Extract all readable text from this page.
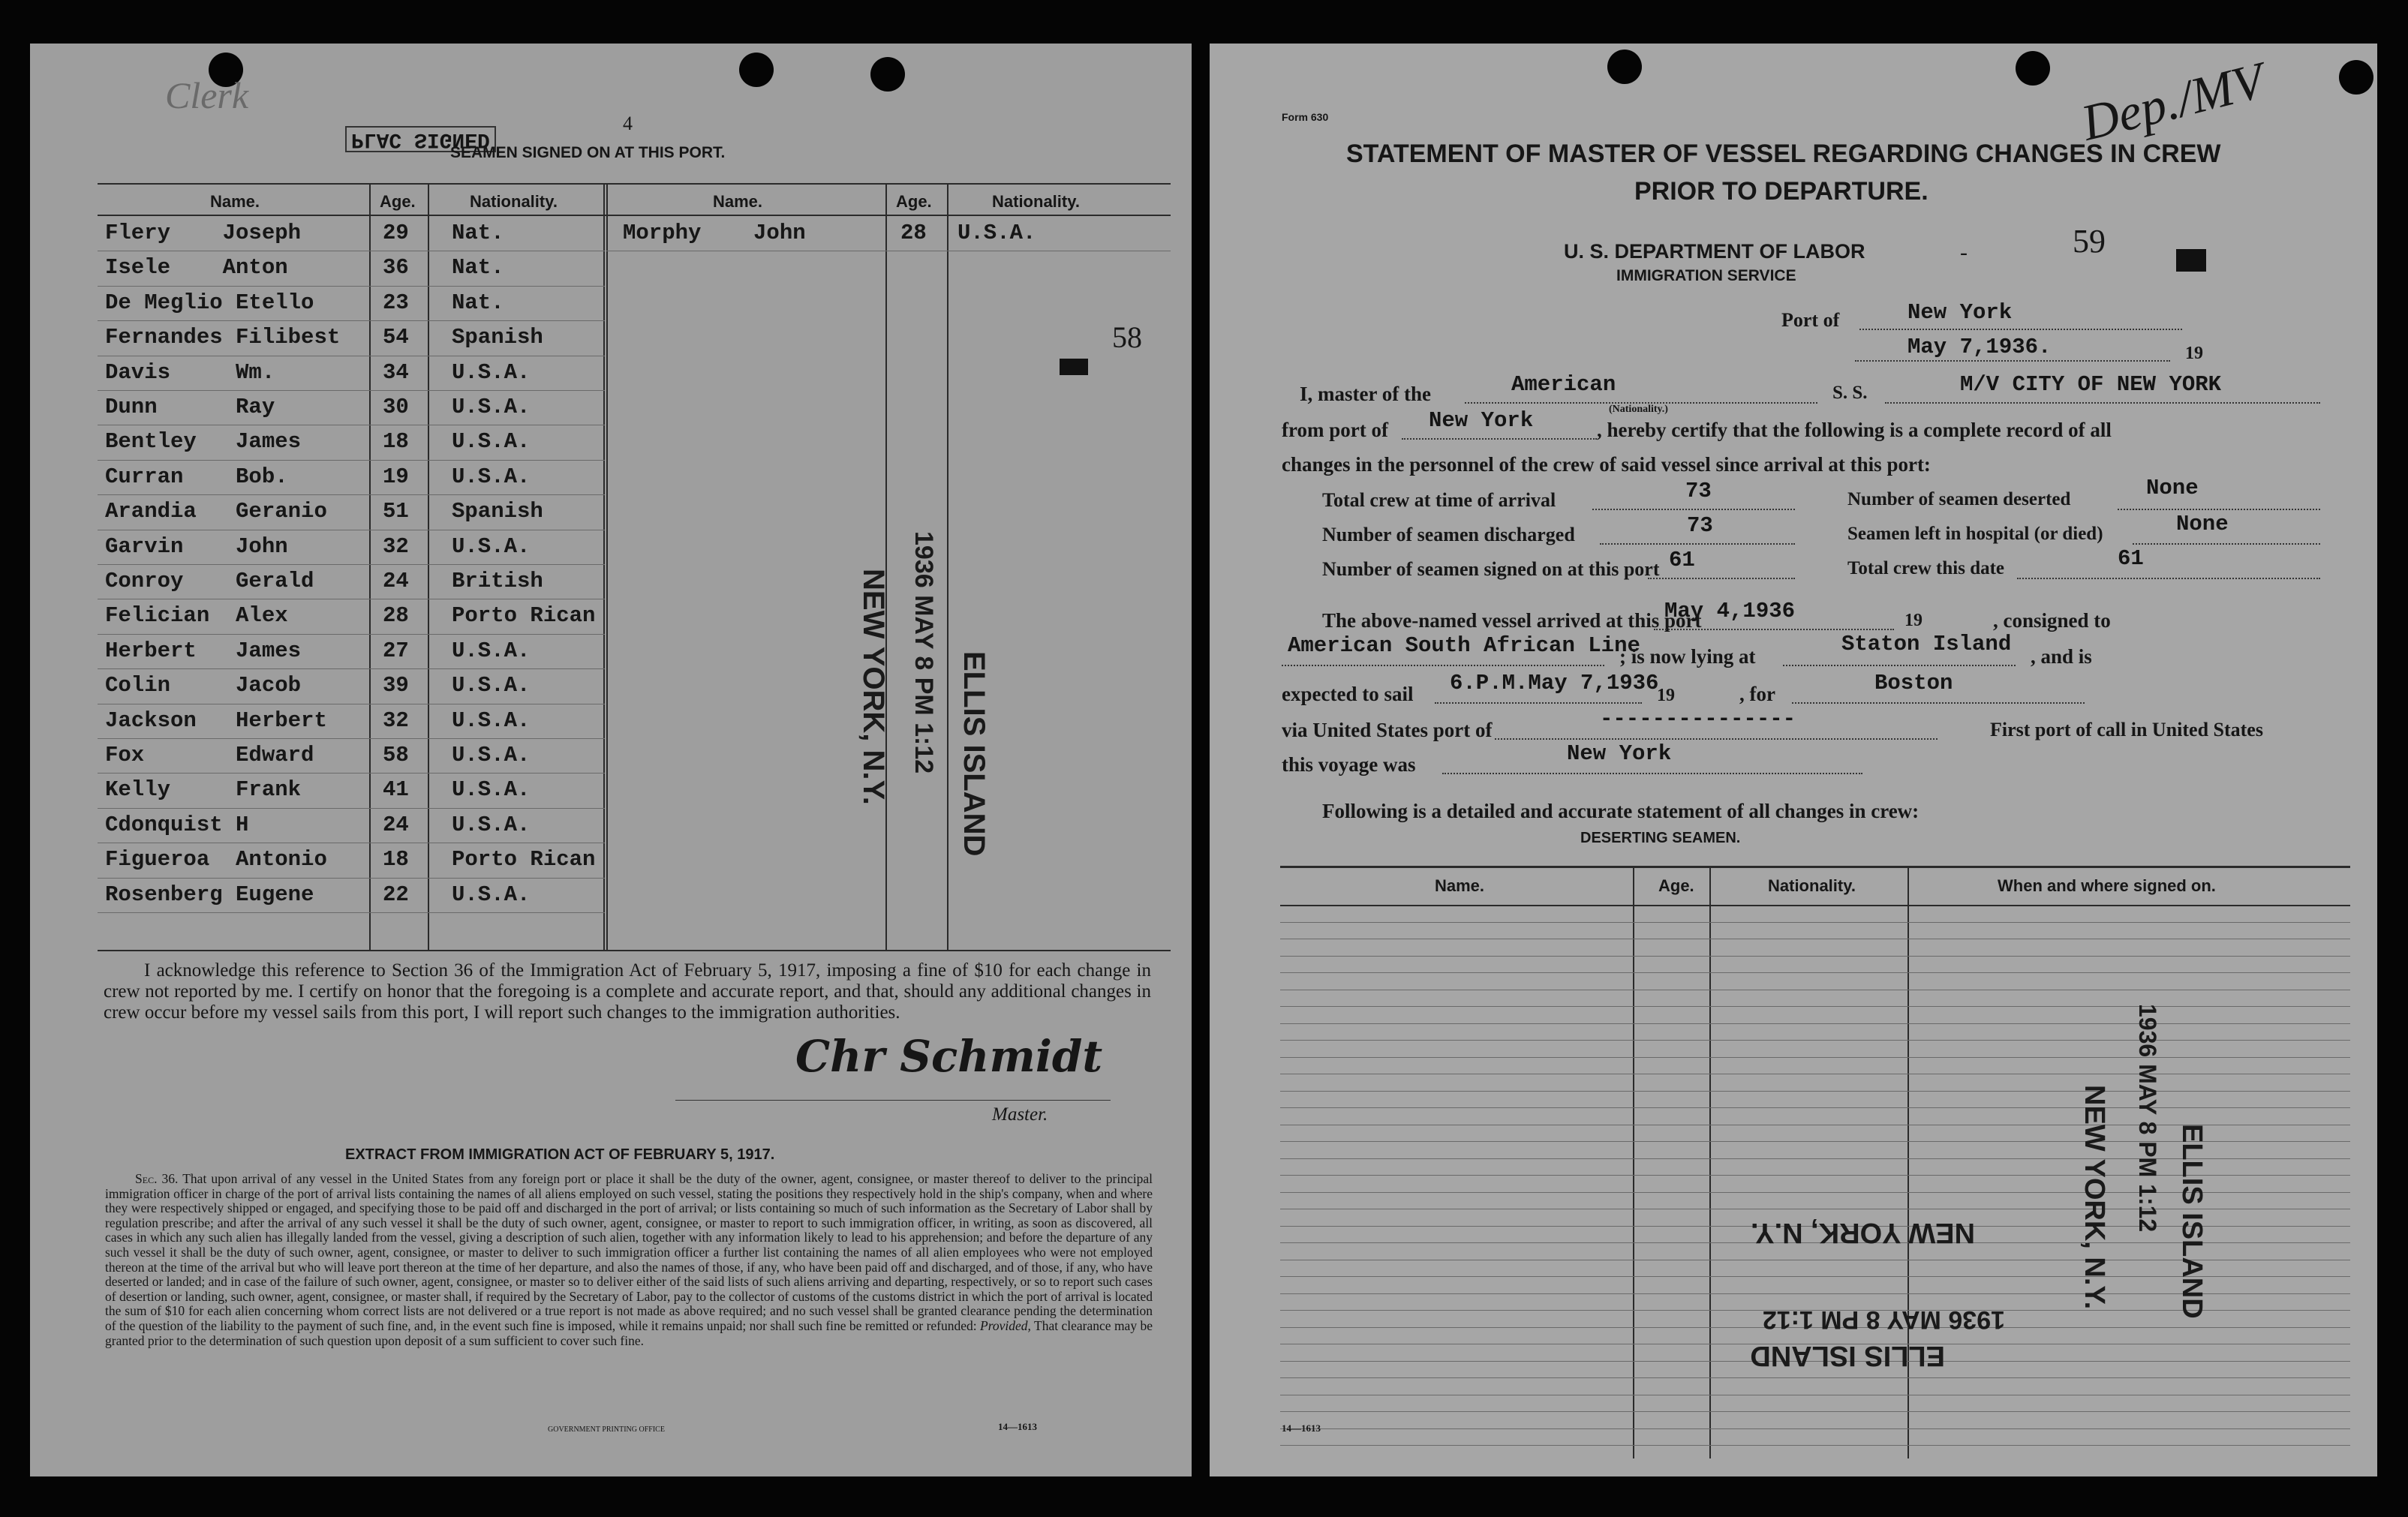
Clerk
4
PLAC SIGNED
SEAMEN SIGNED ON AT THIS PORT.
Name.	Age.	Nationality.	Name.	Age.	Nationality.
Flery    Joseph	29 Nat.
Isele    Anton	36 Nat.
De Meglio Etello	23 Nat.
Fernandes Filibest 54 Spanish
Davis     Wm.	34 U.S.A.
Dunn      Ray	30 U.S.A.
Bentley   James	18 U.S.A.
Curran    Bob.	19 U.S.A.
Arandia   Geranio	51 Spanish
Garvin    John	32 U.S.A.
Conroy    Gerald	24 British
Felician  Alex	28 Porto Rican
Herbert   James	27 U.S.A.
Colin     Jacob	39 U.S.A.
Jackson   Herbert	32 U.S.A.
Fox       Edward	58 U.S.A.
Kelly     Frank	41 U.S.A.
Cdonquist H	24 U.S.A.
Figueroa  Antonio	18 Porto Rican
Rosenberg Eugene	22 U.S.A.
Morphy    John	28 U.S.A.
58
ELLIS ISLAND
1936 MAY 8 PM 1:12
NEW YORK, N.Y.
I acknowledge this reference to Section 36 of the Immigration Act of February 5, 1917, imposing a fine of $10 for each change in crew not reported by me. I certify on honor that the foregoing is a complete and accurate report, and that, should any additional changes in crew occur before my vessel sails from this port, I will report such changes to the immigration authorities.
Chr Schmidt
Master.
EXTRACT FROM IMMIGRATION ACT OF FEBRUARY 5, 1917.
Sec. 36. That upon arrival of any vessel in the United States from any foreign port or place it shall be the duty of the owner, agent, consignee, or master thereof to deliver to the principal immigration officer in charge of the port of arrival lists containing the names of all aliens employed on such vessel, stating the positions they respectively hold in the ship's company, when and where they were respectively shipped or engaged, and specifying those to be paid off and discharged in the port of arrival; or lists containing so much of such information as the Secretary of Labor shall by regulation prescribe; and after the arrival of any such vessel it shall be the duty of such owner, agent, consignee, or master to report to such immigration officer, in writing, as soon as discovered, all cases in which any such alien has illegally landed from the vessel, giving a description of such alien, together with any information likely to lead to his apprehension; and before the departure of any such vessel it shall be the duty of such owner, agent, consignee, or master to deliver to such immigration officer a further list containing the names of all alien employees who were not employed thereon at the time of the arrival but who will leave port thereon at the time of her departure, and also the names of those, if any, who have been paid off and discharged, and of those, if any, who have deserted or landed; and in case of the failure of such owner, agent, consignee, or master so to deliver either of the said lists of such aliens arriving and departing, respectively, or so to report such cases of desertion or landing, such owner, agent, consignee, or master shall, if required by the Secretary of Labor, pay to the collector of customs of the customs district in which the port of arrival is located the sum of $10 for each alien concerning whom correct lists are not delivered or a true report is not made as above required; and no such vessel shall be granted clearance pending the determination of the question of the liability to the payment of such fine, and, in the event such fine is imposed, while it remains unpaid; nor shall such fine be remitted or refunded: Provided, That clearance may be granted prior to the determination of such question upon deposit of a sum sufficient to cover such fine.
GOVERNMENT PRINTING OFFICE	14—1613
Dep./MV
Form 630
STATEMENT OF MASTER OF VESSEL REGARDING CHANGES IN CREW
PRIOR TO DEPARTURE.
U. S. DEPARTMENT OF LABOR
IMMIGRATION SERVICE
-	59
Port of	New York
May 7,1936.	19
I, master of the	American
(Nationality.)
S. S.	M/V CITY OF NEW YORK
from port of New York	, hereby certify that the following is a complete record of all
changes in the personnel of the crew of said vessel since arrival at this port:
Total crew at time of arrival	73	Number of seamen deserted	None
Number of seamen discharged	73	Seamen left in hospital (or died)	None
Number of seamen signed on at this port 61	Total crew this date	61
The above-named vessel arrived at this port
May 4,1936	19	, consigned to
American South African Line
; is now lying at	Staton Island , and is
expected to sail 6.P.M.May 7,1936
19	, for	Boston
via United States port of	---------------	First port of call in United States
this voyage was	New York
Following is a detailed and accurate statement of all changes in crew:
DESERTING SEAMEN.
Name.	Age.	Nationality.	When and where signed on.
ELLIS ISLAND
1936 MAY 8 PM 1:12
NEW YORK, N.Y.
ELLIS ISLAND
1936 MAY 8 PM 1:12
NEW YORK, N.Y.
14—1613
